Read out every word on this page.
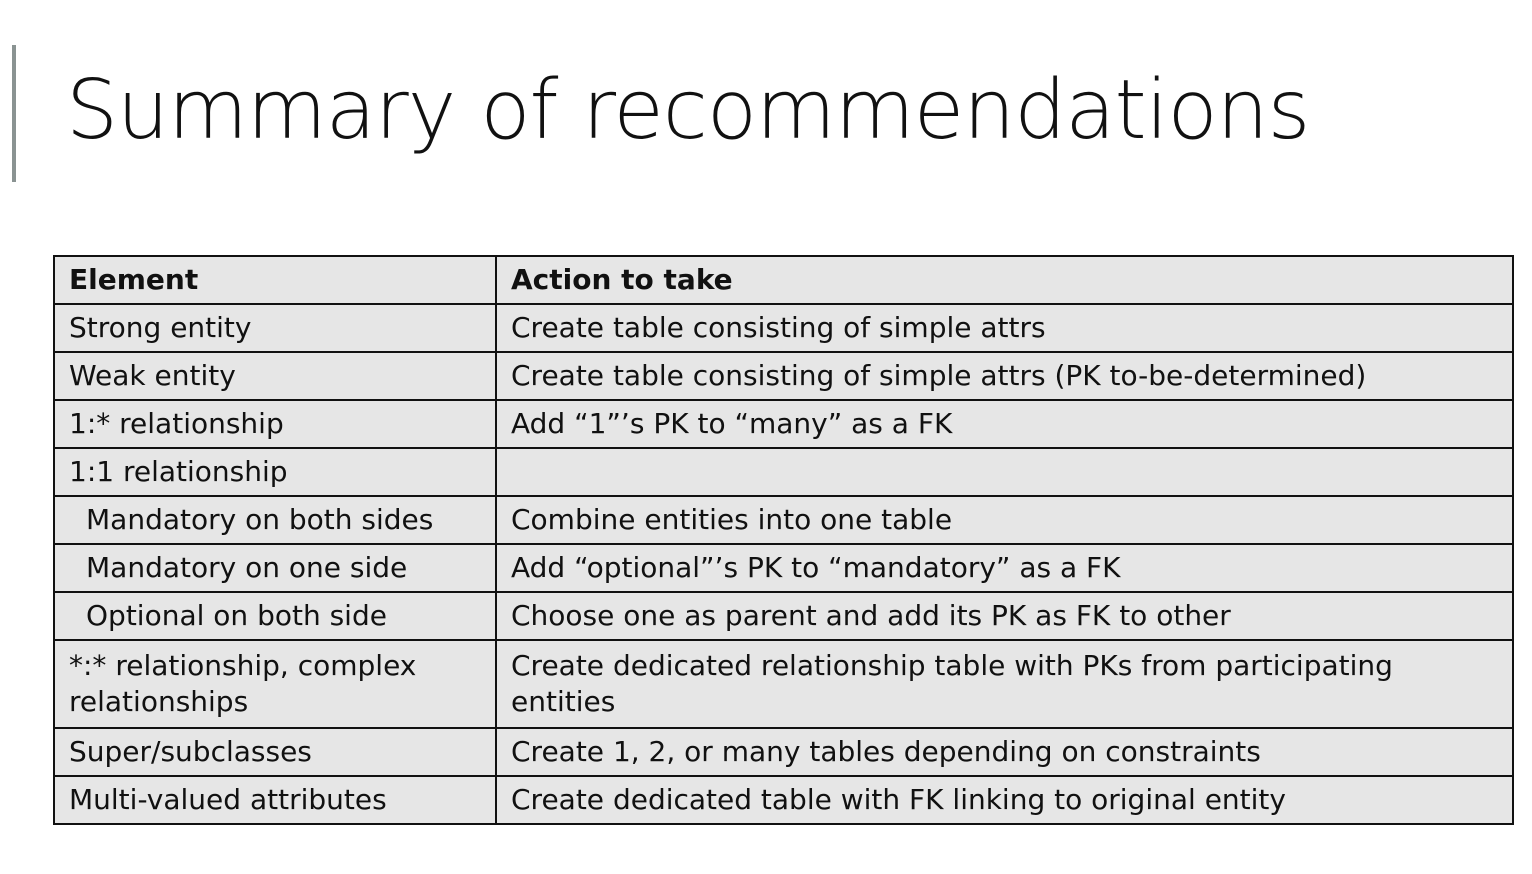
Summary of recommendations
Element	Action to take
Strong entity	Create table consisting of simple attrs
Weak entity	Create table consisting of simple attrs (PK to-be-determined)
1:* relationship	Add “1”’s PK to “many” as a FK
1:1 relationship	
Mandatory on both sides	Combine entities into one table
Mandatory on one side	Add “optional”’s PK to “mandatory” as a FK
Optional on both side	Choose one as parent and add its PK as FK to other
*:* relationship, complex relationships	Create dedicated relationship table with PKs from participating entities
Super/subclasses	Create 1, 2, or many tables depending on constraints
Multi-valued attributes	Create dedicated table with FK linking to original entity
